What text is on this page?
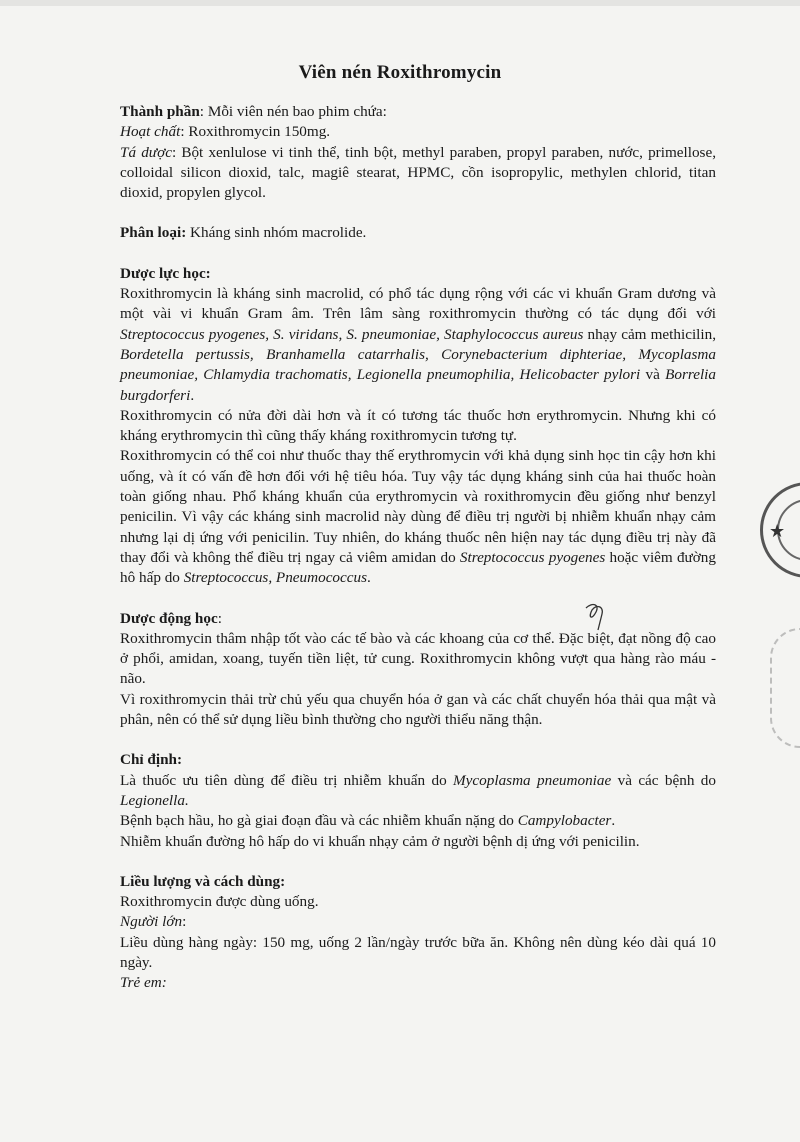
Viên nén Roxithromycin

Thành phần: Mỗi viên nén bao phim chứa:

Hoạt chất: Roxithromycin 150mg.

Tá dược: Bột xenlulose vi tinh thể, tinh bột, methyl paraben, propyl paraben, nước, primellose, colloidal silicon dioxid, talc, magiê stearat, HPMC, cồn isopropylic, methylen chlorid, titan dioxid, propylen glycol.

Phân loại: Kháng sinh nhóm macrolide.

Dược lực học:

Roxithromycin là kháng sinh macrolid, có phổ tác dụng rộng với các vi khuẩn Gram dương và một vài vi khuẩn Gram âm. Trên lâm sàng roxithromycin thường có tác dụng đối với Streptococcus pyogenes, S. viridans, S. pneumoniae, Staphylococcus aureus nhạy cảm methicilin, Bordetella pertussis, Branhamella catarrhalis, Corynebacterium diphteriae, Mycoplasma pneumoniae, Chlamydia trachomatis, Legionella pneumophilia, Helicobacter pylori và Borrelia burgdorferi.

Roxithromycin có nửa đời dài hơn và ít có tương tác thuốc hơn erythromycin. Nhưng khi có kháng erythromycin thì cũng thấy kháng roxithromycin tương tự.

Roxithromycin có thể coi như thuốc thay thế erythromycin với khả dụng sinh học tin cậy hơn khi uống, và ít có vấn đề hơn đối với hệ tiêu hóa. Tuy vậy tác dụng kháng sinh của hai thuốc hoàn toàn giống nhau. Phổ kháng khuẩn của erythromycin và roxithromycin đều giống như benzyl penicilin. Vì vậy các kháng sinh macrolid này dùng để điều trị người bị nhiễm khuẩn nhạy cảm nhưng lại dị ứng với penicilin. Tuy nhiên, do kháng thuốc nên hiện nay tác dụng điều trị này đã thay đổi và không thể điều trị ngay cả viêm amidan do Streptococcus pyogenes hoặc viêm đường hô hấp do Streptococcus, Pneumococcus.

Dược động học:

Roxithromycin thâm nhập tốt vào các tế bào và các khoang của cơ thể. Đặc biệt, đạt nồng độ cao ở phổi, amidan, xoang, tuyến tiền liệt, tử cung. Roxithromycin không vượt qua hàng rào máu - não.

Vì roxithromycin thải trừ chủ yếu qua chuyển hóa ở gan và các chất chuyển hóa thải qua mật và phân, nên có thể sử dụng liều bình thường cho người thiểu năng thận.

Chỉ định:

Là thuốc ưu tiên dùng để điều trị nhiễm khuẩn do Mycoplasma pneumoniae và các bệnh do Legionella.

Bệnh bạch hầu, ho gà giai đoạn đầu và các nhiễm khuẩn nặng do Campylobacter.

Nhiễm khuẩn đường hô hấp do vi khuẩn nhạy cảm ở người bệnh dị ứng với penicilin.

Liều lượng và cách dùng:

Roxithromycin được dùng uống.

Người lớn:

Liều dùng hàng ngày: 150 mg, uống 2 lần/ngày trước bữa ăn. Không nên dùng kéo dài quá 10 ngày.

Trẻ em:

★
